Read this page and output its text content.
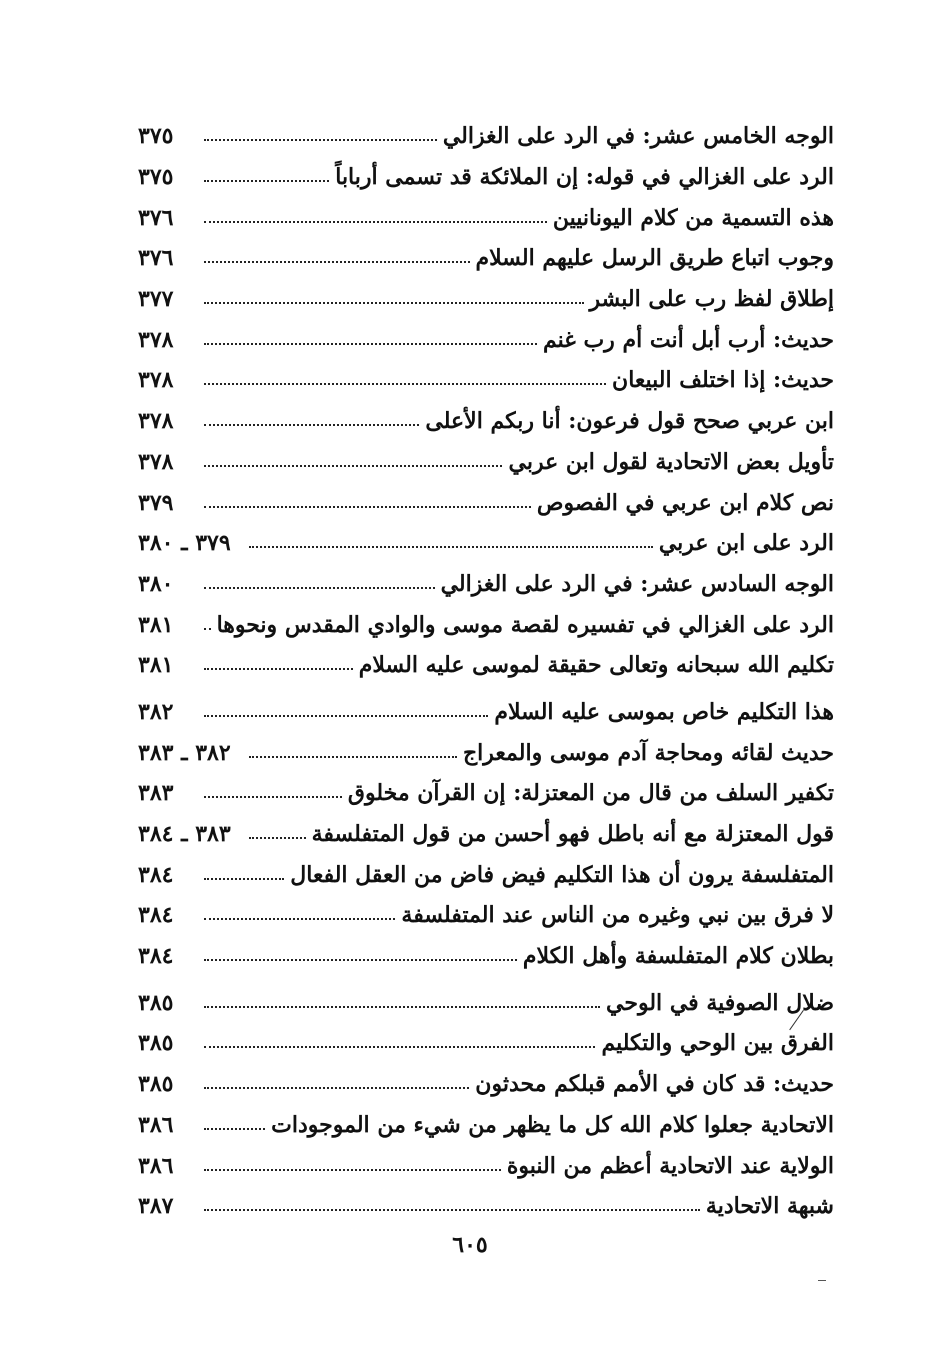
الوجه الخامس عشر: في الرد على الغزالي
٣٧٥
الرد على الغزالي في قوله: إن الملائكة قد تسمى أرباباً
٣٧٥
هذه التسمية من كلام اليونانيين
٣٧٦
وجوب اتباع طريق الرسل عليهم السلام
٣٧٦
إطلاق لفظ رب على البشر
٣٧٧
حديث: أرب أبل أنت أم رب غنم
٣٧٨
حديث: إذا اختلف البيعان
٣٧٨
ابن عربي صحح قول فرعون: أنا ربكم الأعلى
٣٧٨
تأويل بعض الاتحادية لقول ابن عربي
٣٧٨
نص كلام ابن عربي في الفصوص
٣٧٩
الرد على ابن عربي
٣٧٩ ـ ٣٨٠
الوجه السادس عشر: في الرد على الغزالي
٣٨٠
الرد على الغزالي في تفسيره لقصة موسى والوادي المقدس ونحوها
٣٨١
تكليم الله سبحانه وتعالى حقيقة لموسى عليه السلام
٣٨١
هذا التكليم خاص بموسى عليه السلام
٣٨٢
حديث لقائه ومحاجة آدم موسى والمعراج
٣٨٢ ـ ٣٨٣
تكفير السلف من قال من المعتزلة: إن القرآن مخلوق
٣٨٣
قول المعتزلة مع أنه باطل فهو أحسن من قول المتفلسفة
٣٨٣ ـ ٣٨٤
المتفلسفة يرون أن هذا التكليم فيض فاض من العقل الفعال
٣٨٤
لا فرق بين نبي وغيره من الناس عند المتفلسفة
٣٨٤
بطلان كلام المتفلسفة وأهل الكلام
٣٨٤
ضلال الصوفية في الوحي
٣٨٥
الفرق بين الوحي والتكليم
٣٨٥
حديث: قد كان في الأمم قبلكم محدثون
٣٨٥
الاتحادية جعلوا كلام الله كل ما يظهر من شيء من الموجودات
٣٨٦
الولاية عند الاتحادية أعظم من النبوة
٣٨٦
شبهة الاتحادية
٣٨٧
٦٠٥
